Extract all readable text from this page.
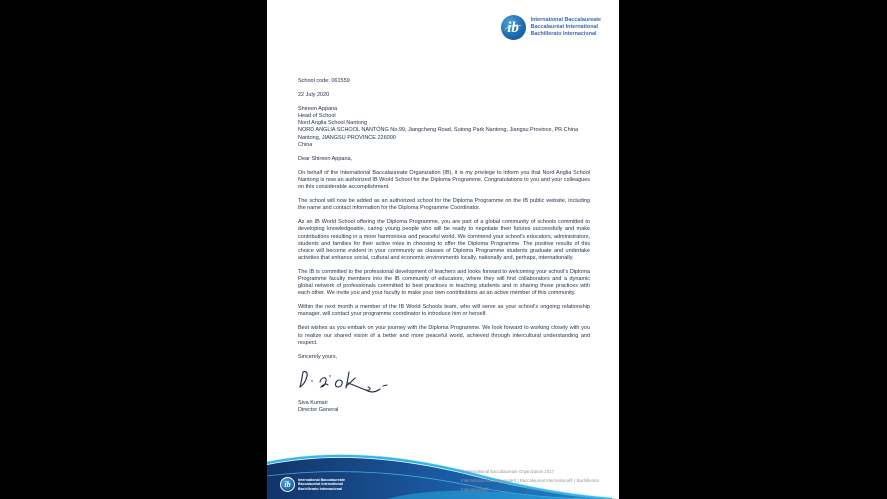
ib International Baccalaureate
Baccalauréat International
Bachillerato Internacional
School code: 061559
22 July 2020
Shireen Appana
Head of School
Nord Anglia School Nantong
NORD ANGLIA SCHOOL NANTONG No.99, Jiangcheng Road, Sutong Park Nantong, Jiangsu Province, PR China
Nantong, JIANGSU PROVINCE 226000
China
Dear Shireen Appana,

On behalf of the International Baccalaureate Organization (IB), it is my privilege to inform you that Nord Anglia School Nantong is now an authorized IB World School for the Diploma Programme. Congratulations to you and your colleagues on this considerable accomplishment.

The school will now be added as an authorized school for the Diploma Programme on the IB public website, including the name and contact information for the Diploma Programme Coordinator.

As an IB World School offering the Diploma Programme, you are part of a global community of schools committed to developing knowledgeable, caring young people who will be ready to negotiate their futures successfully and make contributions resulting in a more harmonious and peaceful world. We commend your school's educators, administrators, students and families for their active roles in choosing to offer the Diploma Programme. The positive results of this choice will become evident in your community as classes of Diploma Programme students graduate and undertake activities that enhance social, cultural and economic environments locally, nationally and, perhaps, internationally.

The IB is committed to the professional development of teachers and looks forward to welcoming your school's Diploma Programme faculty members into the IB community of educators, where they will find collaborators and a dynamic global network of professionals committed to best practices in teaching students and in sharing those practices with each other. We invite you and your faculty to make your own contributions as an active member of this community.

Within the next month a member of the IB World Schools team, who will serve as your school's ongoing relationship manager, will contact your programme coordinator to introduce him or herself.

Best wishes as you embark on your journey with the Diploma Programme. We look forward to working closely with you to realize our shared vision of a better and more peaceful world, achieved through intercultural understanding and respect.

Sincerely yours,
Siva Kumari
Director General
ib International Baccalaureate
Baccalauréat International
Bachillerato Internacional
© International Baccalaureate Organization 2017
International Baccalaureate® | Baccalauréat International® | Bachillerato Internacional®
